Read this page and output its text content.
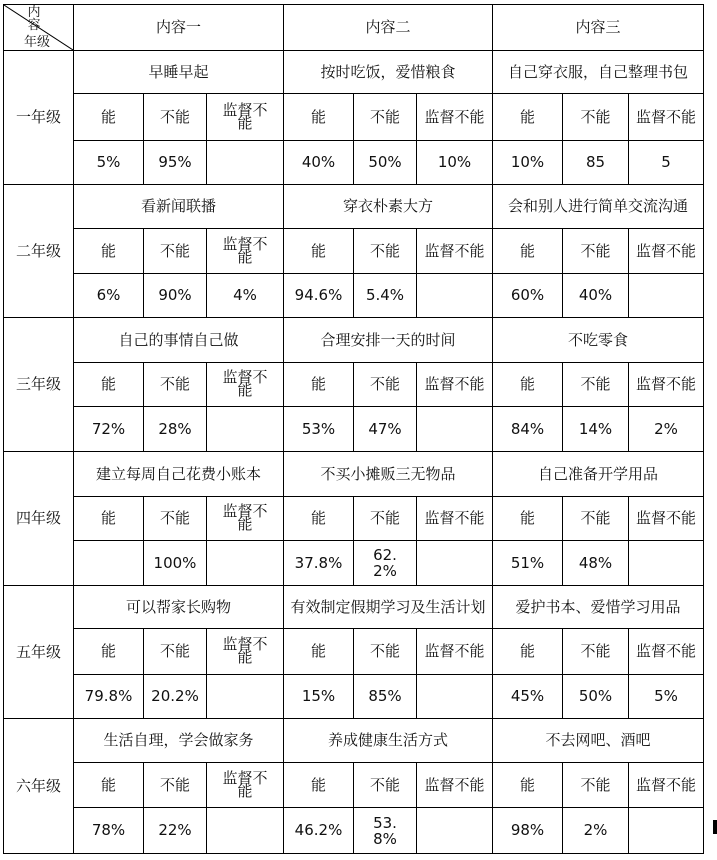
内容
年级	内容一			内容二			内容三		
一年级	早睡早起			按时吃饭，爱惜粮食			自己穿衣服，自己整理书包		
	能	不能	监督不能	能	不能	监督不能	能	不能	监督不能
	5%	95%		40%	50%	10%	10%	85	5
二年级	看新闻联播			穿衣朴素大方			会和别人进行简单交流沟通		
	能	不能	监督不能	能	不能	监督不能	能	不能	监督不能
	6%	90%	4%	94.6%	5.4%		60%	40%	
三年级	自己的事情自己做			合理安排一天的时间			不吃零食		
	能	不能	监督不能	能	不能	监督不能	能	不能	监督不能
	72%	28%		53%	47%		84%	14%	2%
四年级	建立每周自己花费小账本			不买小摊贩三无物品			自己准备开学用品		
	能	不能	监督不能	能	不能	监督不能	能	不能	监督不能
		100%		37.8%	62.2%		51%	48%	
五年级	可以帮家长购物			有效制定假期学习及生活计划			爱护书本、爱惜学习用品		
	能	不能	监督不能	能	不能	监督不能	能	不能	监督不能
	79.8%	20.2%		15%	85%		45%	50%	5%
六年级	生活自理，学会做家务			养成健康生活方式			不去网吧、酒吧		
	能	不能	监督不能	能	不能	监督不能	能	不能	监督不能
	78%	22%		46.2%	53.8%		98%	2%	
